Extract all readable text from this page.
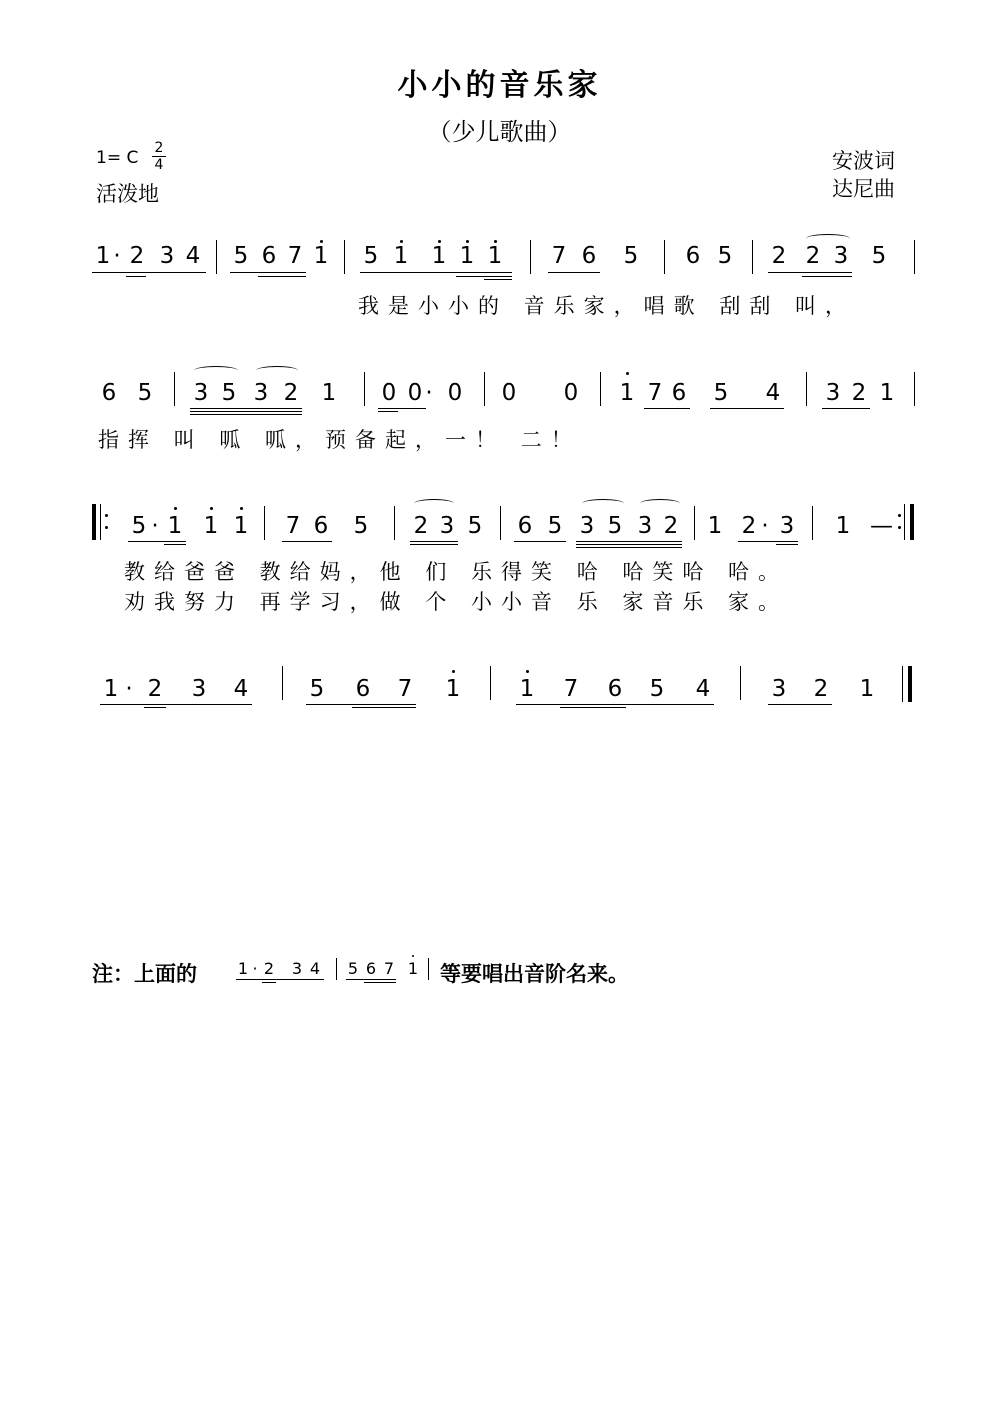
小小的音乐家
（少儿歌曲）
1= C 2
4
活泼地
安波词
达尼曲
1 · 2 3 4 5 6 7 1 5 1 1 1 1 7 6 5 6 5 2 2 3 5
我是小小的 音乐家，唱歌 刮刮 叫，
6 5 3 5 3 2 1 0 0 · 0 0 0 1 7 6 5 4 3 2 1
指挥 叫 呱 呱，预备起，一！ 二！
5 · 1 1 1 7 6 5 2 3 5 6 5 3 5 3 2 1 2 · 3 1 —
教给爸爸 教给妈，他 们 乐得笑 哈 哈笑哈 哈。
劝我努力 再学习，做 个 小小音 乐 家音乐 家。
1 · 2 3 4	5 6 7 1	1 7 6 5 4	3 2 1
注：上面的	1 · 2 3 4 5 6 7 1 等要唱出音阶名来。
